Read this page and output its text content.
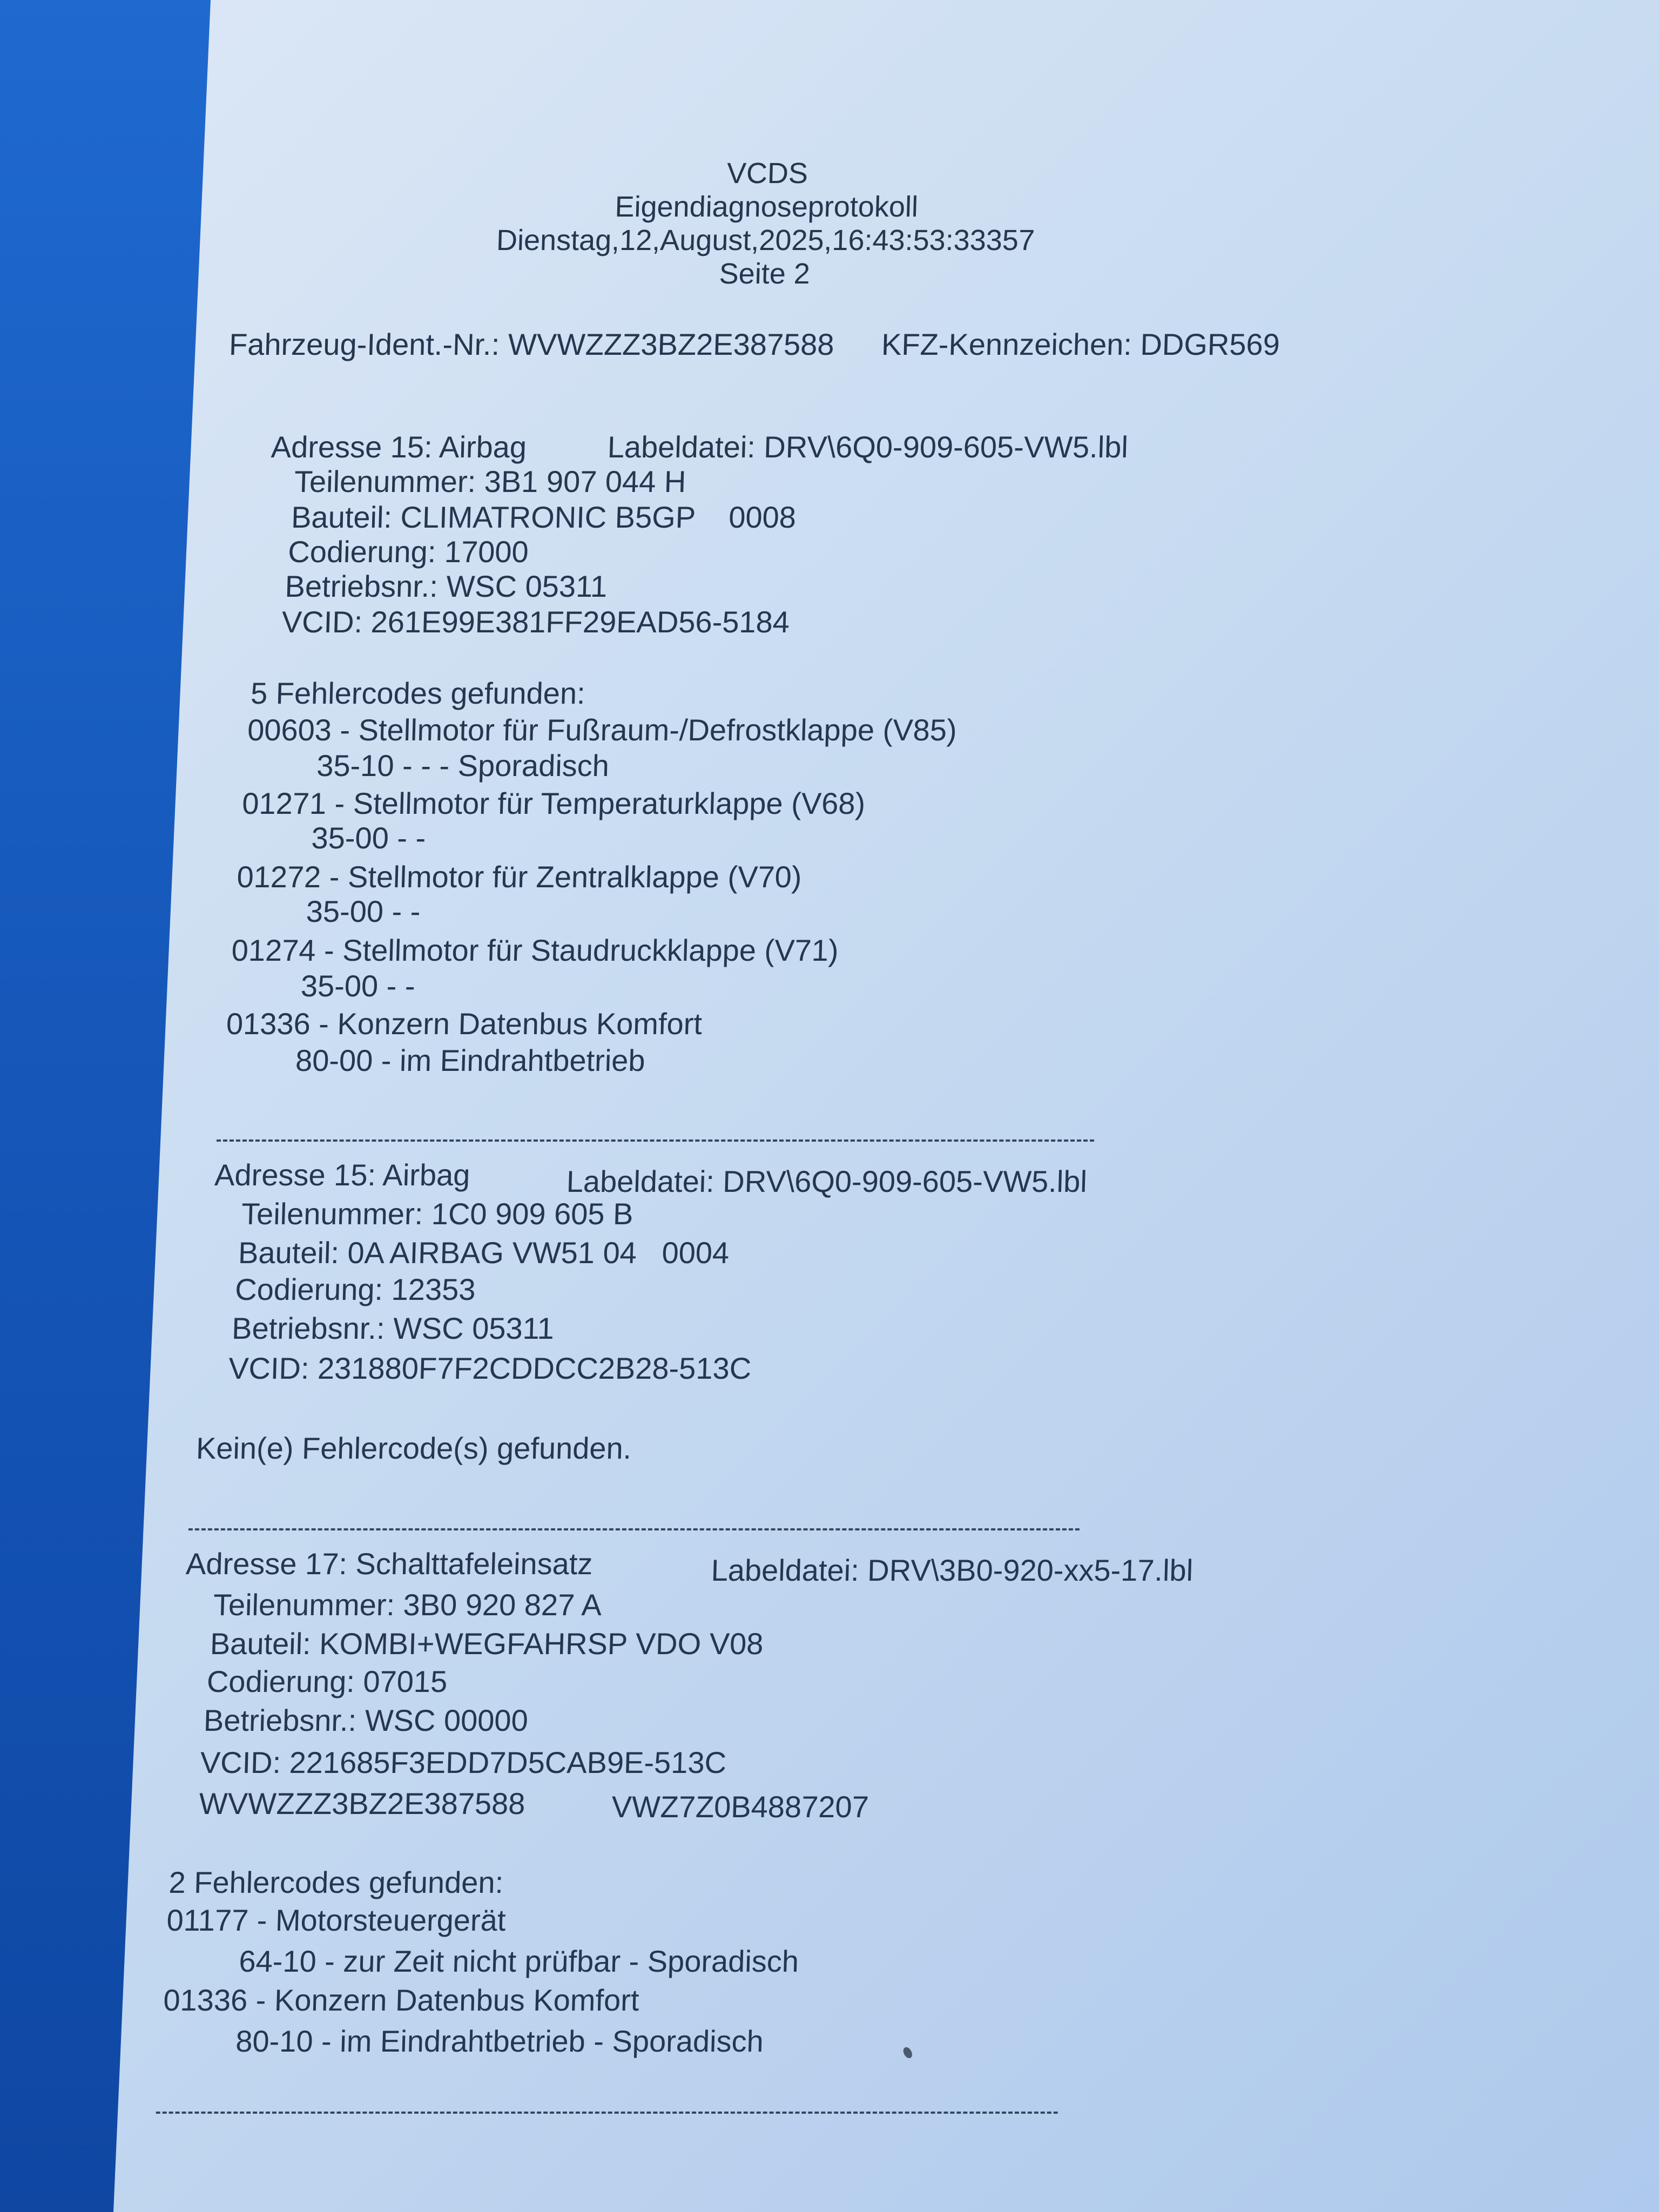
VCDS
Eigendiagnoseprotokoll
Dienstag,12,August,2025,16:43:53:33357
Seite 2
Fahrzeug-Ident.-Nr.: WVWZZZ3BZ2E387588 KFZ-Kennzeichen: DDGR569
Adresse 15: Airbag	Labeldatei: DRV\6Q0-909-605-VW5.lbl
Teilenummer: 3B1 907 044 H
Bauteil: CLIMATRONIC B5GP    0008
Codierung: 17000
Betriebsnr.: WSC 05311
VCID: 261E99E381FF29EAD56-5184
5 Fehlercodes gefunden:
00603 - Stellmotor für Fußraum-/Defrostklappe (V85)
35-10 - - - Sporadisch
01271 - Stellmotor für Temperaturklappe (V68)
35-00 - -
01272 - Stellmotor für Zentralklappe (V70)
35-00 - -
01274 - Stellmotor für Staudruckklappe (V71)
35-00 - -
01336 - Konzern Datenbus Komfort
80-00 - im Eindrahtbetrieb
Adresse 15: Airbag	Labeldatei: DRV\6Q0-909-605-VW5.lbl
Teilenummer: 1C0 909 605 B
Bauteil: 0A AIRBAG VW51 04   0004
Codierung: 12353
Betriebsnr.: WSC 05311
VCID: 231880F7F2CDDCC2B28-513C
Kein(e) Fehlercode(s) gefunden.
Adresse 17: Schalttafeleinsatz	Labeldatei: DRV\3B0-920-xx5-17.lbl
Teilenummer: 3B0 920 827 A
Bauteil: KOMBI+WEGFAHRSP VDO V08
Codierung: 07015
Betriebsnr.: WSC 00000
VCID: 221685F3EDD7D5CAB9E-513C
WVWZZZ3BZ2E387588	VWZ7Z0B4887207
2 Fehlercodes gefunden:
01177 - Motorsteuergerät
64-10 - zur Zeit nicht prüfbar - Sporadisch
01336 - Konzern Datenbus Komfort
80-10 - im Eindrahtbetrieb - Sporadisch
